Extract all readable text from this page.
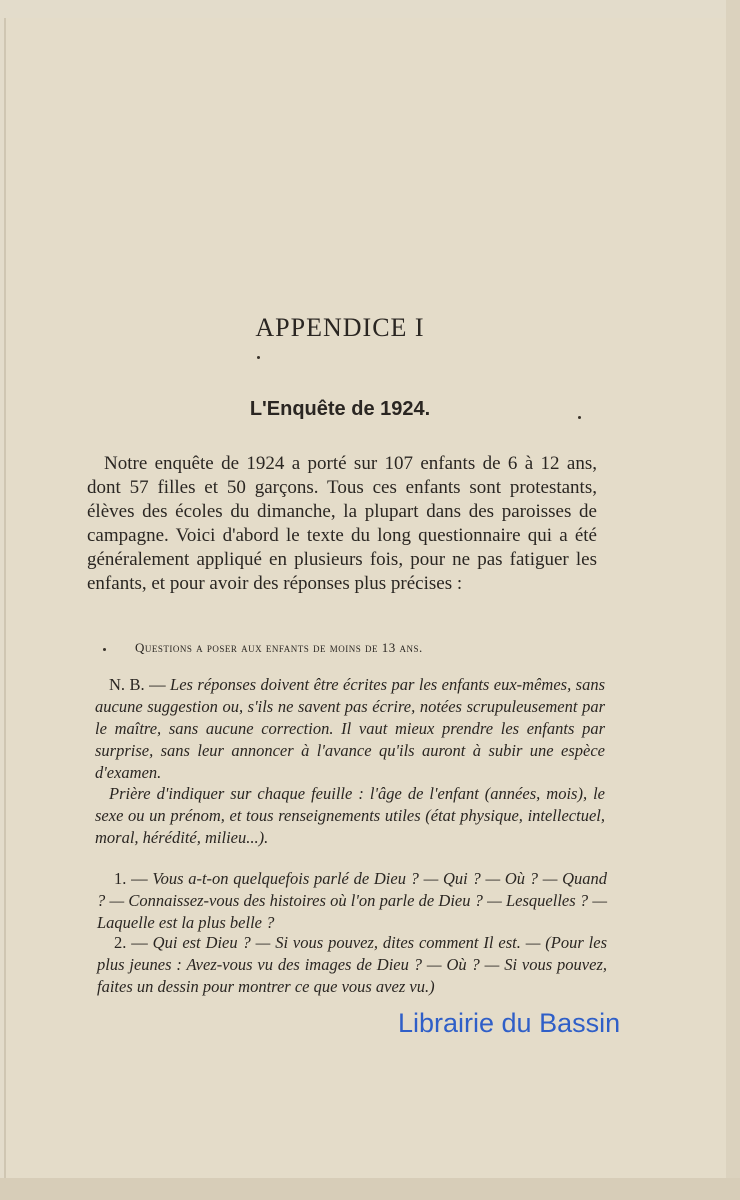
APPENDICE I
L'Enquête de 1924.
Notre enquête de 1924 a porté sur 107 enfants de 6 à 12 ans, dont 57 filles et 50 garçons. Tous ces enfants sont protestants, élèves des écoles du dimanche, la plupart dans des paroisses de campagne. Voici d'abord le texte du long questionnaire qui a été généralement appliqué en plusieurs fois, pour ne pas fatiguer les enfants, et pour avoir des réponses plus précises :
Questions a poser aux enfants de moins de 13 ans.
N. B. — Les réponses doivent être écrites par les enfants eux-mêmes, sans aucune suggestion ou, s'ils ne savent pas écrire, notées scrupuleusement par le maître, sans aucune correction. Il vaut mieux prendre les enfants par surprise, sans leur annoncer à l'avance qu'ils auront à subir une espèce d'examen.
Prière d'indiquer sur chaque feuille : l'âge de l'enfant (années, mois), le sexe ou un prénom, et tous renseignements utiles (état physique, intellectuel, moral, hérédité, milieu...).
1. — Vous a-t-on quelquefois parlé de Dieu ? — Qui ? — Où ? — Quand ? — Connaissez-vous des histoires où l'on parle de Dieu ? — Lesquelles ? — Laquelle est la plus belle ?
2. — Qui est Dieu ? — Si vous pouvez, dites comment Il est. — (Pour les plus jeunes : Avez-vous vu des images de Dieu ? — Où ? — Si vous pouvez, faites un dessin pour montrer ce que vous avez vu.)
Librairie du Bassin
